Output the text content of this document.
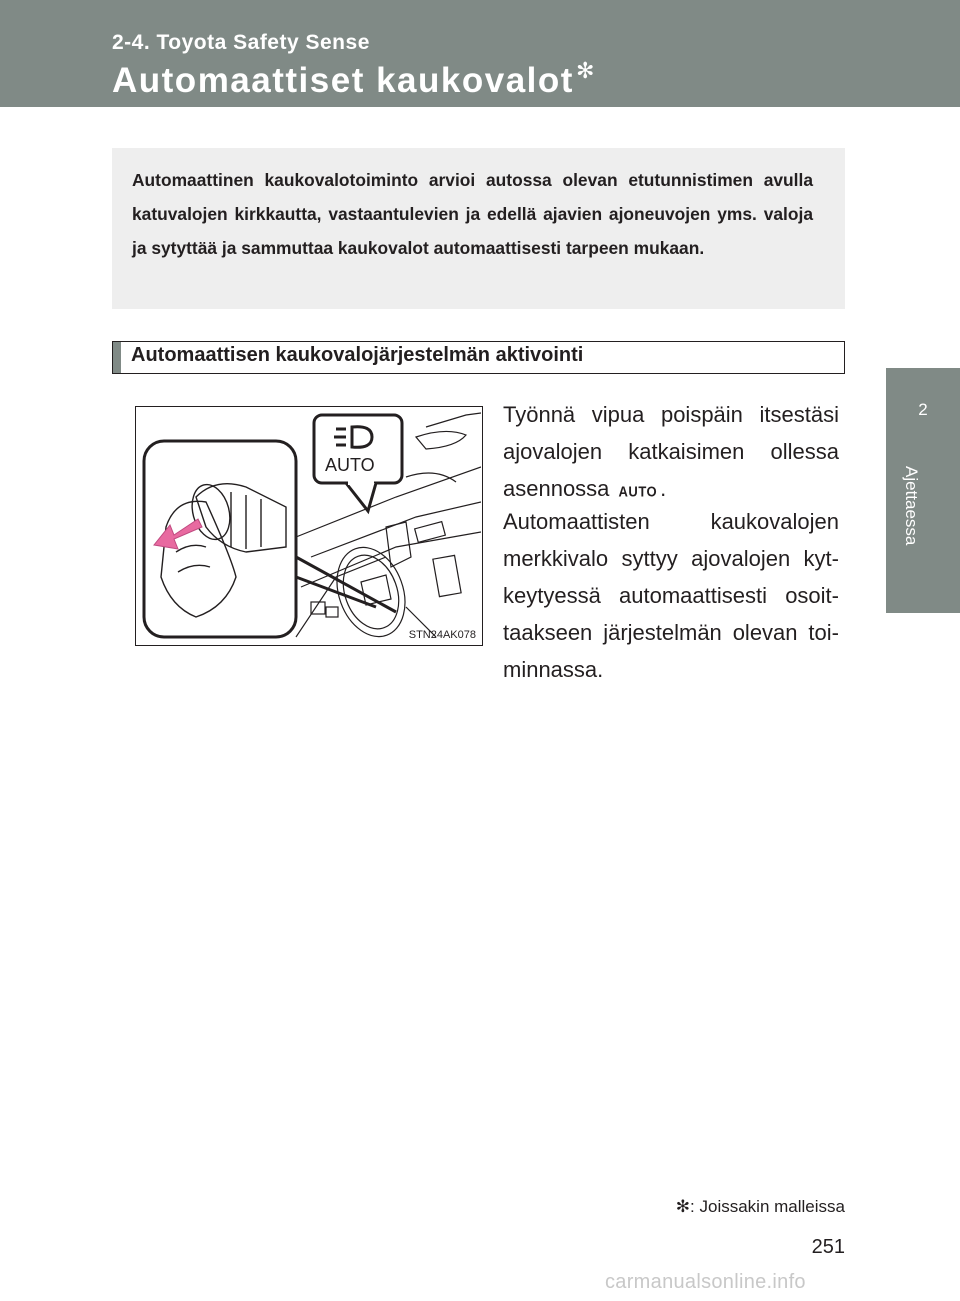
2-4. Toyota Safety Sense
Automaattiset kaukovalot✻
2
Ajettaessa

Automaattinen kaukovalotoiminto arvioi autossa olevan etutunnistimen avulla katuvalojen kirkkautta, vastaantulevien ja edellä ajavien ajoneuvojen yms. valoja ja sytyttää ja sammuttaa kaukovalot automaattisesti tarpeen mukaan.

Automaattisen kaukovalojärjestelmän aktivointi
AUTO
STN24AK078

Työnnä vipua poispäin itsestäsi ajovalojen katkaisimen ollessa asennossa AUTO .

Automaattisten kaukovalojen merkkivalo syttyy ajovalojen kytkeytyessä automaattisesti osoittaakseen järjestelmän olevan toiminnassa.

✻: Joissakin malleissa
251
carmanualsonline.info
